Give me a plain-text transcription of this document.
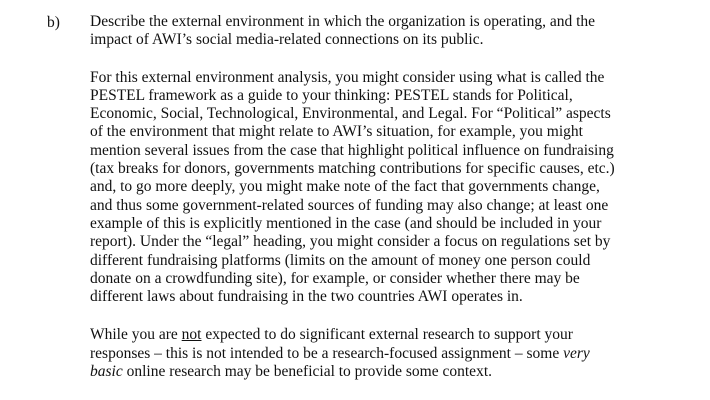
b) Describe the external environment in which the organization is operating, and the
impact of AWI’s social media-related connections on its public.

For this external environment analysis, you might consider using what is called the
PESTEL framework as a guide to your thinking: PESTEL stands for Political,
Economic, Social, Technological, Environmental, and Legal. For “Political” aspects
of the environment that might relate to AWI’s situation, for example, you might
mention several issues from the case that highlight political influence on fundraising
(tax breaks for donors, governments matching contributions for specific causes, etc.)
and, to go more deeply, you might make note of the fact that governments change,
and thus some government-related sources of funding may also change; at least one
example of this is explicitly mentioned in the case (and should be included in your
report). Under the “legal” heading, you might consider a focus on regulations set by
different fundraising platforms (limits on the amount of money one person could
donate on a crowdfunding site), for example, or consider whether there may be
different laws about fundraising in the two countries AWI operates in.

While you are not expected to do significant external research to support your
responses – this is not intended to be a research-focused assignment – some very
basic online research may be beneficial to provide some context.
